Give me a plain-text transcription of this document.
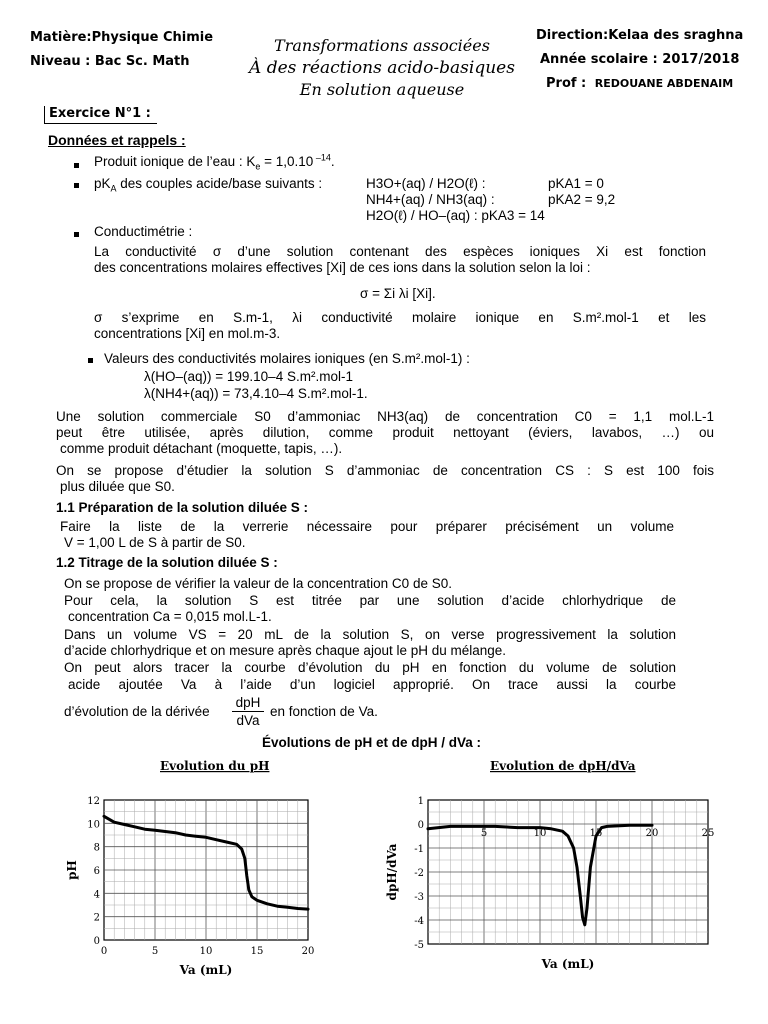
Matière:Physique Chimie
Niveau : Bac Sc. Math
Transformations associées
À des réactions acido-basiques
En solution aqueuse
Direction:Kelaa des sraghna
Année scolaire : 2017/2018
Prof : REDOUANE ABDENAIM
Exercice N°1 :
Données et rappels :
Produit ionique de l’eau : $K_e = 1,0.10$ $^{-14}$.
$pK_A$ des couples acide/base suivants :	H3O+(aq) / H2O(ℓ) :	pKA1 = 0
NH4+(aq) / NH3(aq) :	pKA2 = 9,2
H2O(ℓ) / HO–(aq) : pKA3 = 14
Conductimétrie :
La conductivité σ d’une solution contenant des espèces ioniques Xi est fonction
des concentrations molaires effectives [Xi] de ces ions dans la solution selon la loi :
σ = Σi λi [Xi].
σ s’exprime en S.m-1, λi conductivité molaire ionique en S.m².mol-1 et les
concentrations [Xi] en mol.m-3.
Valeurs des conductivités molaires ioniques (en S.m².mol-1) :
λ(HO–(aq)) = 199.10–4 S.m².mol-1
λ(NH4+(aq)) = 73,4.10–4 S.m².mol-1.
Une solution commerciale S0 d’ammoniac NH3(aq) de concentration C0 = 1,1 mol.L-1
peut être utilisée, après dilution, comme produit nettoyant (éviers, lavabos, …) ou
comme produit détachant (moquette, tapis, …).
On se propose d’étudier la solution S d’ammoniac de concentration CS : S est 100 fois
plus diluée que S0.
1.1 Préparation de la solution diluée S :
Faire la liste de la verrerie nécessaire pour préparer précisément un volume
V = 1,00 L de S à partir de S0.
1.2 Titrage de la solution diluée S :
On se propose de vérifier la valeur de la concentration C0 de S0.
Pour cela, la solution S est titrée par une solution d’acide chlorhydrique de
concentration Ca = 0,015 mol.L-1.
Dans un volume VS = 20 mL de la solution S, on verse progressivement la solution
d’acide chlorhydrique et on mesure après chaque ajout le pH du mélange.
On peut alors tracer la courbe d’évolution du pH en fonction du volume de solution
acide ajoutée Va à l’aide d’un logiciel approprié. On trace aussi la courbe
d’évolution de la dérivée
dpH
dVa
en fonction de Va.
Évolutions de pH et de dpH / dVa :
Evolution du pH
0
2
4
6
8
10
12
0	5	10	15	20
Va (mL)
pH
Evolution de dpH/dVa
1
0
-1
-2
-3
-4
-5
5	10	15	20	25
Va (mL)
dpH/dVa
